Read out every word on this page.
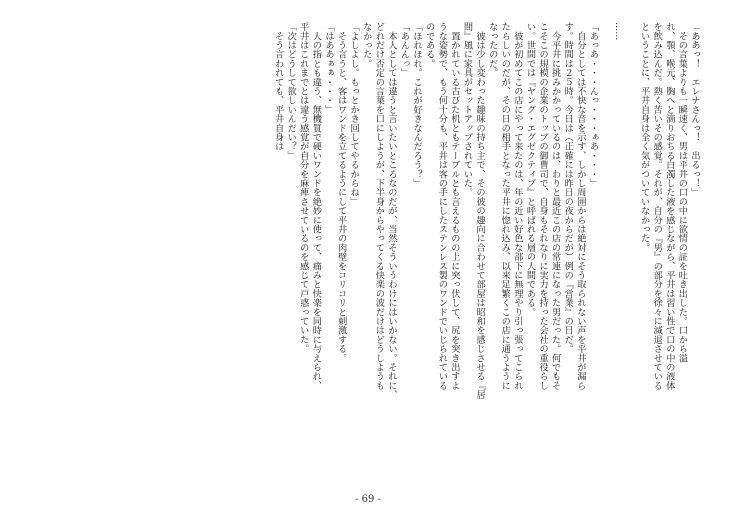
「ああっ！　エレナさんっ！　出るっ！」
　その言葉よりも一瞬速く、男は平井の口の中に欲情の証を吐き出した。口から溢
れ、顎、喉元、胸へと滴りおちる白濁した液を感じながら、平井は習い性で口の中の液体
を飲み込んだ。熱く苦いその感覚。それが、自分の『男』の部分を徐々に滅退させている
ということに、平井自身は全く気がついていなかった。
……
「あっあ・・・んっ・・・ぁあ・・・」
　自分としては不快な音を示す、しかし周囲からは絶対にそう取られない声を平井が漏ら
す。時間は２５時。今日は（正確には昨日の夜からだが）例の『営業』の日だ。
　今平井に挑みかかっているのは、わりと最近この店の常連になった男だった。何でもそ
こそこの規模の企業のトップの御曹司で、自身もそれなりに実力を持った会社の重役らし
い。世間では『ヤング・エグゼクティブ』と呼ばれる層の人間である。
　彼が初めてこの店にやって来たのは、年の近い好色な部下に無理やり引っ張ってこられ
たらしいのだが、その日の相手となった平井に惚れ込み、以来足繁くこの店に通うように
なったのだ。
　彼は少し変わった趣味の持ち主で、その彼の趣向に合わせて部屋は昭和を感じさせる『居
間』風に家具がセットアップされていた。
　置かれている古びた机ともテーブルとも言えるものの上に突っ伏して、尻を突き出すよ
うな姿勢で、もう何十分も、平井は客の手にしたステンレス製のワンドでいじられている
のである。
「ほれほれ。これが好きなんだろう？」
「あんんっ」
　本人としては違うと言いたいところなのだが、当然そういうわけにはいかない。それに、
どれだけ否定の言葉を口にしようが、下半身からやってくる快楽の波だけはどうしようも
なかった。
「よしよし。もっとかき回してやるからね」
　そう言うと、客はワンドを立てるようにして平井の肉壁をコリコリと刺激する。
「はああぁぁ・・・」
　人の指とも違う、無機質で硬いワンドを絶妙に使って、痛みと快楽を同時に与えられ、
平井はこれまでとは違う感覚が自分を麻痺させているのを感じて戸惑っていた。
「次はどうして欲しいんだい？」
　そう言われても、平井自身は
- 69 -
